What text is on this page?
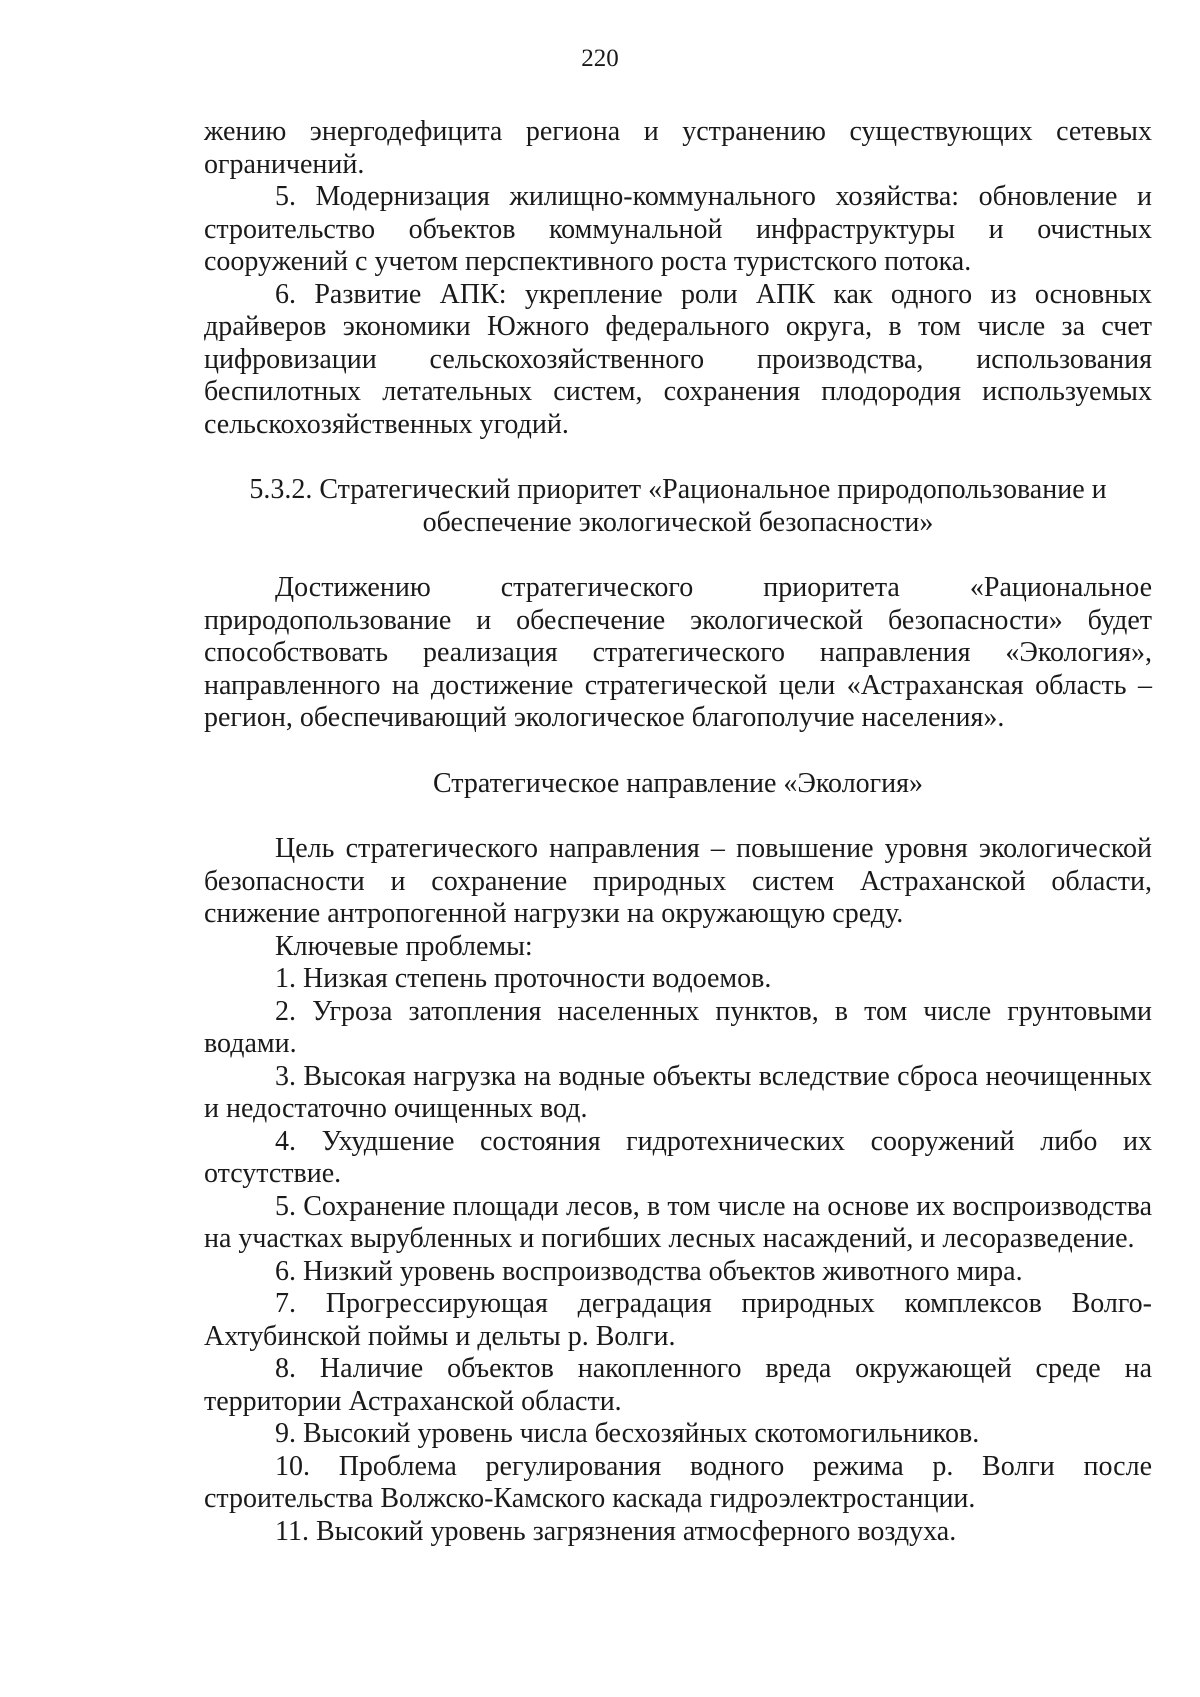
220

жению энергодефицита региона и устранению существующих сетевых ограничений.

5. Модернизация жилищно-коммунального хозяйства: обновление и строительство объектов коммунальной инфраструктуры и очистных сооружений с учетом перспективного роста туристского потока.

6. Развитие АПК: укрепление роли АПК как одного из основных драйверов экономики Южного федерального округа, в том числе за счет цифровизации сельскохозяйственного производства, использования беспилотных летательных систем, сохранения плодородия используемых сельскохозяйственных угодий.

5.3.2. Стратегический приоритет «Рациональное природопользование и обеспечение экологической безопасности»

Достижению стратегического приоритета «Рациональное природопользование и обеспечение экологической безопасности» будет способствовать реализация стратегического направления «Экология», направленного на достижение стратегической цели «Астраханская область – регион, обеспечивающий экологическое благополучие населения».

Стратегическое направление «Экология»

Цель стратегического направления – повышение уровня экологической безопасности и сохранение природных систем Астраханской области, снижение антропогенной нагрузки на окружающую среду.

Ключевые проблемы:

1. Низкая степень проточности водоемов.

2. Угроза затопления населенных пунктов, в том числе грунтовыми водами.

3. Высокая нагрузка на водные объекты вследствие сброса неочищенных и недостаточно очищенных вод.

4. Ухудшение состояния гидротехнических сооружений либо их отсутствие.

5. Сохранение площади лесов, в том числе на основе их воспроизводства на участках вырубленных и погибших лесных насаждений, и лесоразведение.

6. Низкий уровень воспроизводства объектов животного мира.

7. Прогрессирующая деградация природных комплексов Волго-Ахтубинской поймы и дельты р. Волги.

8. Наличие объектов накопленного вреда окружающей среде на территории Астраханской области.

9. Высокий уровень числа бесхозяйных скотомогильников.

10. Проблема регулирования водного режима р. Волги после строительства Волжско-Камского каскада гидроэлектростанции.

11. Высокий уровень загрязнения атмосферного воздуха.
